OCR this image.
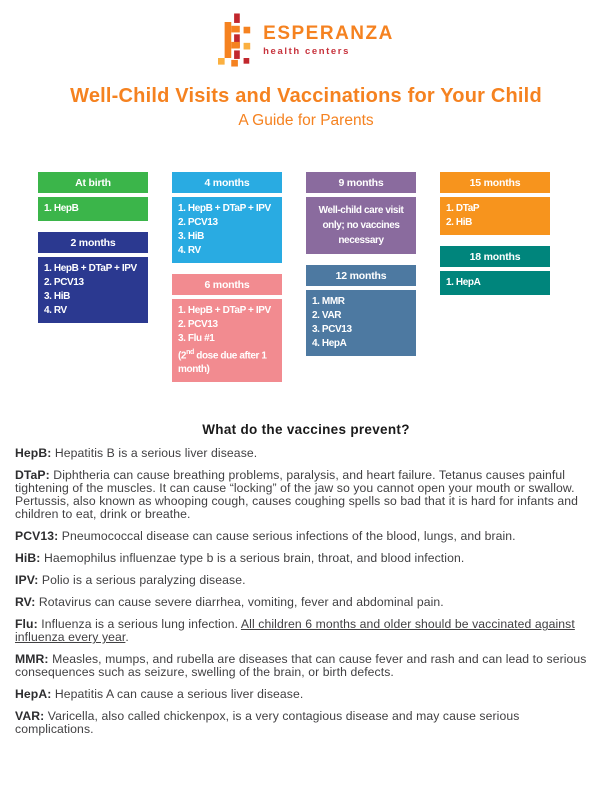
ESPERANZA
health centers
Well-Child Visits and Vaccinations for Your Child
A Guide for Parents
At birth
1. HepB
2 months
1. HepB + DTaP + IPV
2. PCV13
3. HiB
4. RV
4 months
1. HepB + DTaP + IPV
2. PCV13
3. HiB
4. RV
6 months
1. HepB + DTaP + IPV
2. PCV13
3. Flu #1
(2nd dose due after 1 month)
9 months
Well-child care visit only; no vaccines necessary
12 months
1. MMR
2. VAR
3. PCV13
4. HepA
15 months
1. DTaP
2. HiB
18 months
1. HepA
What do the vaccines prevent?

HepB: Hepatitis B is a serious liver disease.

DTaP: Diphtheria can cause breathing problems, paralysis, and heart failure. Tetanus causes painful tightening of the muscles. It can cause “locking” of the jaw so you cannot open your mouth or swallow. Pertussis, also known as whooping cough, causes coughing spells so bad that it is hard for infants and children to eat, drink or breathe.

PCV13: Pneumococcal disease can cause serious infections of the blood, lungs, and brain.

HiB: Haemophilus influenzae type b is a serious brain, throat, and blood infection.

IPV: Polio is a serious paralyzing disease.

RV: Rotavirus can cause severe diarrhea, vomiting, fever and abdominal pain.

Flu: Influenza is a serious lung infection. All children 6 months and older should be vaccinated against influenza every year.

MMR: Measles, mumps, and rubella are diseases that can cause fever and rash and can lead to serious consequences such as seizure, swelling of the brain, or birth defects.

HepA: Hepatitis A can cause a serious liver disease.

VAR: Varicella, also called chickenpox, is a very contagious disease and may cause serious complications.
